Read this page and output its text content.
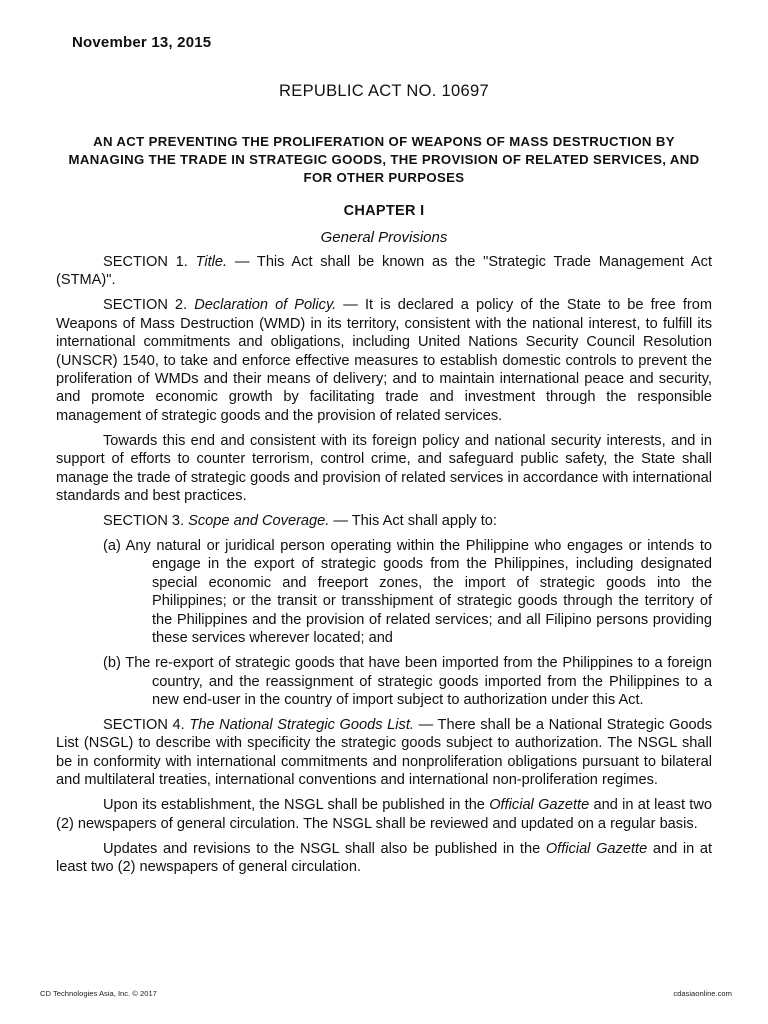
November 13, 2015
REPUBLIC ACT NO. 10697
AN ACT PREVENTING THE PROLIFERATION OF WEAPONS OF MASS DESTRUCTION BY MANAGING THE TRADE IN STRATEGIC GOODS, THE PROVISION OF RELATED SERVICES, AND FOR OTHER PURPOSES
CHAPTER I
General Provisions

SECTION 1. Title. — This Act shall be known as the "Strategic Trade Management Act (STMA)".

SECTION 2. Declaration of Policy. — It is declared a policy of the State to be free from Weapons of Mass Destruction (WMD) in its territory, consistent with the national interest, to fulfill its international commitments and obligations, including United Nations Security Council Resolution (UNSCR) 1540, to take and enforce effective measures to establish domestic controls to prevent the proliferation of WMDs and their means of delivery; and to maintain international peace and security, and promote economic growth by facilitating trade and investment through the responsible management of strategic goods and the provision of related services.

Towards this end and consistent with its foreign policy and national security interests, and in support of efforts to counter terrorism, control crime, and safeguard public safety, the State shall manage the trade of strategic goods and provision of related services in accordance with international standards and best practices.

SECTION 3. Scope and Coverage. — This Act shall apply to:

(a) Any natural or juridical person operating within the Philippine who engages or intends to engage in the export of strategic goods from the Philippines, including designated special economic and freeport zones, the import of strategic goods into the Philippines; or the transit or transshipment of strategic goods through the territory of the Philippines and the provision of related services; and all Filipino persons providing these services wherever located; and

(b) The re-export of strategic goods that have been imported from the Philippines to a foreign country, and the reassignment of strategic goods imported from the Philippines to a new end-user in the country of import subject to authorization under this Act.

SECTION 4. The National Strategic Goods List. — There shall be a National Strategic Goods List (NSGL) to describe with specificity the strategic goods subject to authorization. The NSGL shall be in conformity with international commitments and nonproliferation obligations pursuant to bilateral and multilateral treaties, international conventions and international non-proliferation regimes.

Upon its establishment, the NSGL shall be published in the Official Gazette and in at least two (2) newspapers of general circulation. The NSGL shall be reviewed and updated on a regular basis.

Updates and revisions to the NSGL shall also be published in the Official Gazette and in at least two (2) newspapers of general circulation.

CD Technologies Asia, Inc. © 2017	cdasiaonline.com
